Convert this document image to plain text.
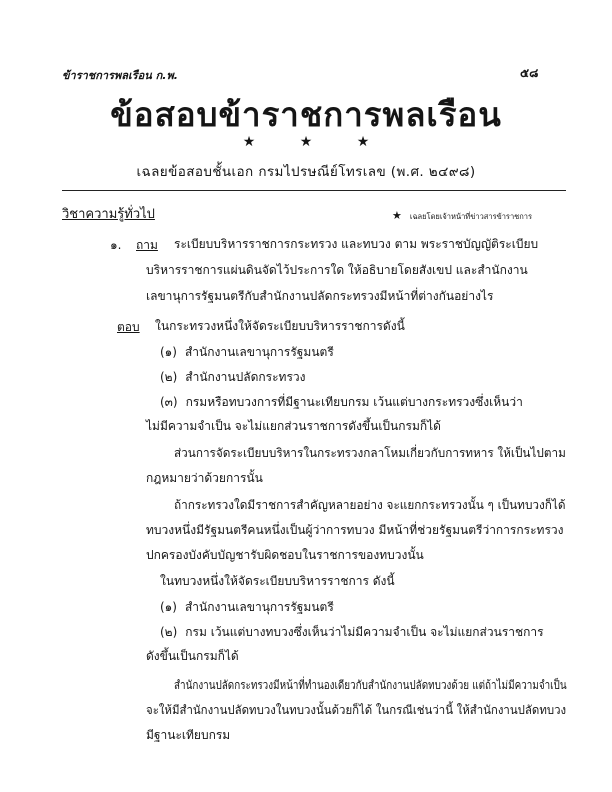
ข้าราชการพลเรือน ก.พ.	๕๘
ข้อสอบข้าราชการพลเรือน
★ ★ ★
เฉลยข้อสอบชั้นเอก กรมไปรษณีย์โทรเลข (พ.ศ. ๒๔๙๘)
วิชาความรู้ทั่วไป	★ เฉลยโดยเจ้าหน้าที่ข่าวสารข้าราชการ
๑. ถาม ระเบียบบริหารราชการกระทรวง และทบวง ตาม พระราชบัญญัติระเบียบ
บริหารราชการแผ่นดินจัดไว้ประการใด ให้อธิบายโดยสังเขป และสำนักงาน
เลขานุการรัฐมนตรีกับสำนักงานปลัดกระทรวงมีหน้าที่ต่างกันอย่างไร
ตอบ ในกระทรวงหนึ่งให้จัดระเบียบบริหารราชการดังนี้
(๑) สำนักงานเลขานุการรัฐมนตรี
(๒) สำนักงานปลัดกระทรวง
(๓) กรมหรือทบวงการที่มีฐานะเทียบกรม เว้นแต่บางกระทรวงซึ่งเห็นว่า
ไม่มีความจำเป็น จะไม่แยกส่วนราชการดังขึ้นเป็นกรมก็ได้
ส่วนการจัดระเบียบบริหารในกระทรวงกลาโหมเกี่ยวกับการทหาร ให้เป็นไปตาม
กฎหมายว่าด้วยการนั้น
ถ้ากระทรวงใดมีราชการสำคัญหลายอย่าง จะแยกกระทรวงนั้น ๆ เป็นทบวงก็ได้
ทบวงหนึ่งมีรัฐมนตรีคนหนึ่งเป็นผู้ว่าการทบวง มีหน้าที่ช่วยรัฐมนตรีว่าการกระทรวง
ปกครองบังคับบัญชารับผิดชอบในราชการของทบวงนั้น
ในทบวงหนึ่งให้จัดระเบียบบริหารราชการ ดังนี้
(๑) สำนักงานเลขานุการรัฐมนตรี
(๒) กรม เว้นแต่บางทบวงซึ่งเห็นว่าไม่มีความจำเป็น จะไม่แยกส่วนราชการ
ดังขึ้นเป็นกรมก็ได้
สำนักงานปลัดกระทรวงมีหน้าที่ทำนองเดียวกับสำนักงานปลัดทบวงด้วย แต่ถ้าไม่มีความจำเป็น
จะให้มีสำนักงานปลัดทบวงในทบวงนั้นด้วยก็ได้ ในกรณีเช่นว่านี้ ให้สำนักงานปลัดทบวง
มีฐานะเทียบกรม
